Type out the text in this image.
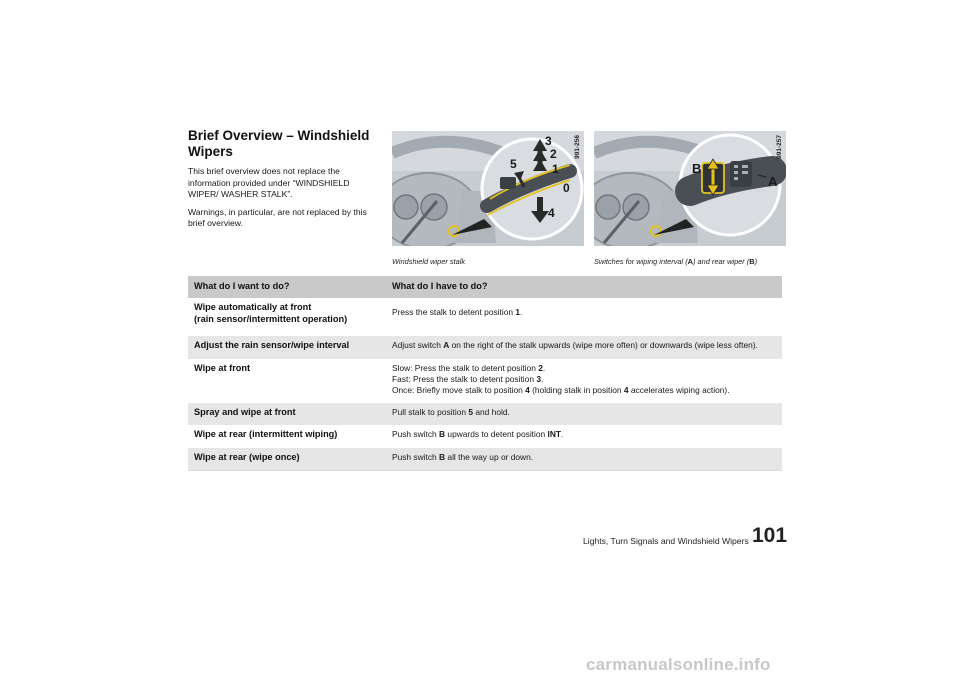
Brief Overview – Windshield Wipers

This brief overview does not replace the information provided under “WINDSHIELD WIPER/ WASHER STALK”.

Warnings, in particular, are not replaced by this brief overview.

3
2
1
5
0
4
991-256
Windshield wiper stalk
B
A
991-257
Switches for wiping interval (A) and rear wiper (B)
What do I want to do?	What do I have to do?
Wipe automatically at front
(rain sensor/intermittent operation)	Press the stalk to detent position 1.

Adjust the rain sensor/wipe interval	Adjust switch A on the right of the stalk upwards (wipe more often) or downwards (wipe less often).

Wipe at front	Slow: Press the stalk to detent position 2.
Fast: Press the stalk to detent position 3.
Once: Briefly move stalk to position 4 (holding stalk in position 4 accelerates wiping action).

Spray and wipe at front	Pull stalk to position 5 and hold.

Wipe at rear (intermittent wiping)	Push switch B upwards to detent position INT.

Wipe at rear (wipe once)	Push switch B all the way up or down.
Lights, Turn Signals and Windshield Wipers 101
carmanualsonline.info
